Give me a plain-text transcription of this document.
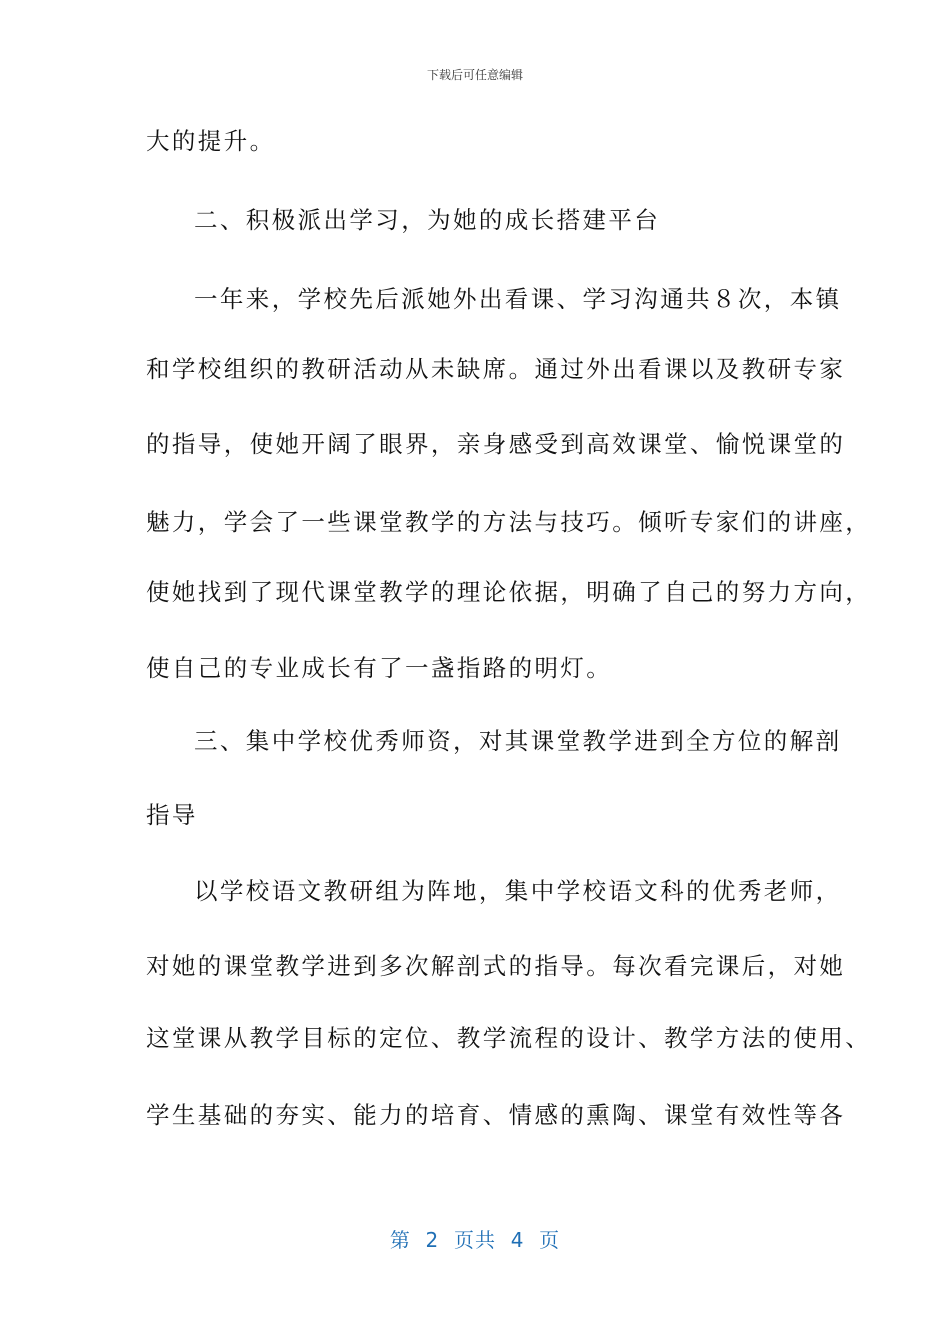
下载后可任意编辑
大的提升。
二、积极派出学习，为她的成长搭建平台
一年来，学校先后派她外出看课、学习沟通共８次，本镇
和学校组织的教研活动从未缺席。通过外出看课以及教研专家
的指导，使她开阔了眼界，亲身感受到高效课堂、愉悦课堂的
魅力，学会了一些课堂教学的方法与技巧。倾听专家们的讲座，
使她找到了现代课堂教学的理论依据，明确了自己的努力方向，
使自己的专业成长有了一盏指路的明灯。
三、集中学校优秀师资，对其课堂教学进到全方位的解剖
指导
以学校语文教研组为阵地，集中学校语文科的优秀老师，
对她的课堂教学进到多次解剖式的指导。每次看完课后，对她
这堂课从教学目标的定位、教学流程的设计、教学方法的使用、
学生基础的夯实、能力的培育、情感的熏陶、课堂有效性等各
第  2  页共  4  页
